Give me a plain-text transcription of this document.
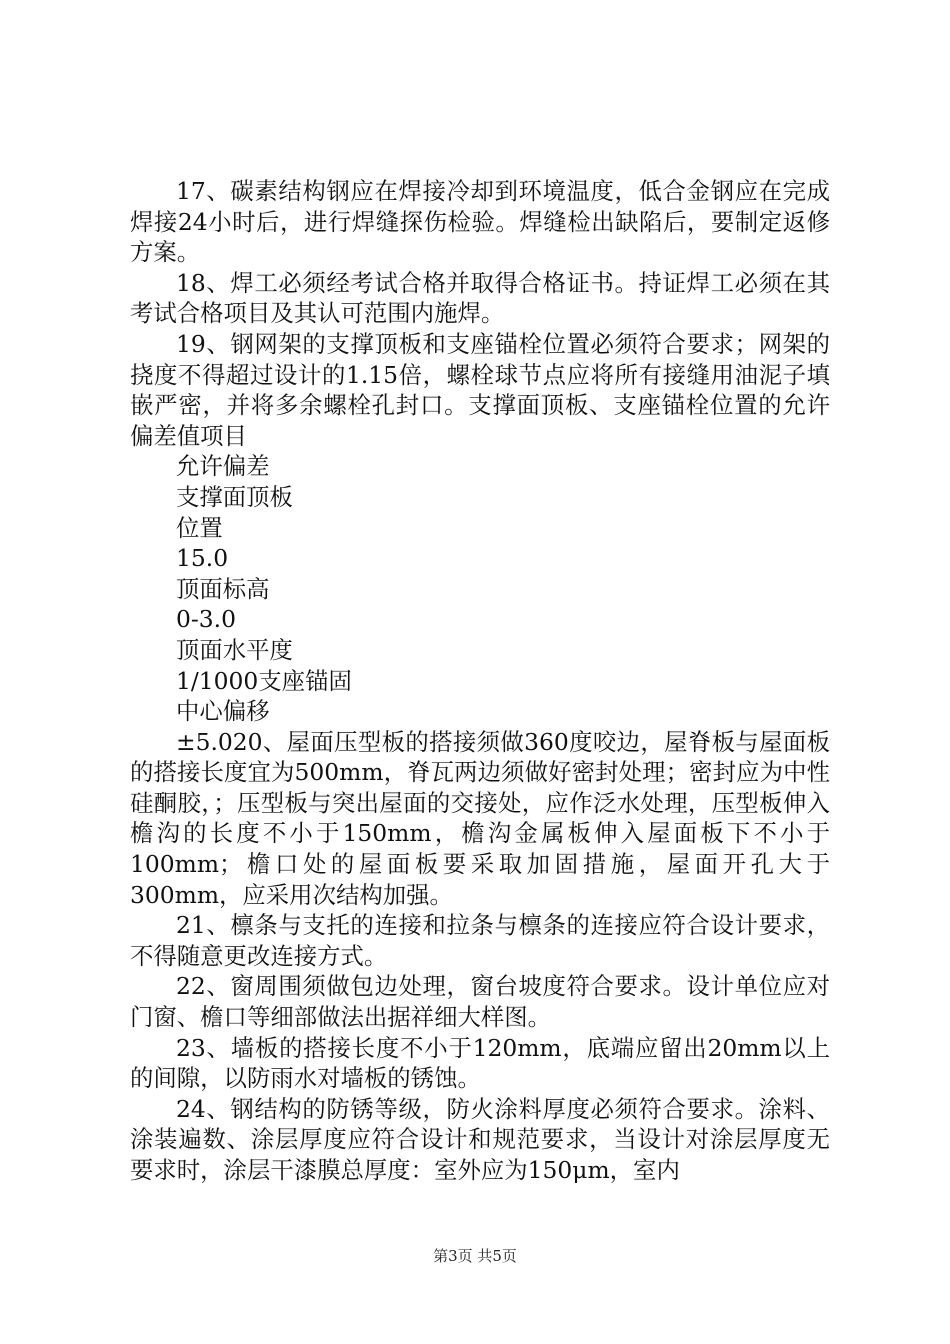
17、碳素结构钢应在焊接冷却到环境温度，低合金钢应在完成焊接24小时后，进行焊缝探伤检验。焊缝检出缺陷后，要制定返修方案。

18、焊工必须经考试合格并取得合格证书。持证焊工必须在其考试合格项目及其认可范围内施焊。

19、钢网架的支撑顶板和支座锚栓位置必须符合要求；网架的挠度不得超过设计的1.15倍，螺栓球节点应将所有接缝用油泥子填嵌严密，并将多余螺栓孔封口。支撑面顶板、支座锚栓位置的允许偏差值项目

允许偏差

支撑面顶板

位置

15.0

顶面标高

0-3.0

顶面水平度

1/1000支座锚固

中心偏移

±5.020、屋面压型板的搭接须做360度咬边，屋脊板与屋面板的搭接长度宜为500mm，脊瓦两边须做好密封处理；密封应为中性硅酮胶，；压型板与突出屋面的交接处，应作泛水处理，压型板伸入檐沟的长度不小于150mm，檐沟金属板伸入屋面板下不小于100mm；檐口处的屋面板要采取加固措施，屋面开孔大于300mm，应采用次结构加强。

21、檩条与支托的连接和拉条与檩条的连接应符合设计要求，不得随意更改连接方式。

22、窗周围须做包边处理，窗台坡度符合要求。设计单位应对门窗、檐口等细部做法出据祥细大样图。

23、墙板的搭接长度不小于120mm，底端应留出20mm以上的间隙，以防雨水对墙板的锈蚀。

24、钢结构的防锈等级，防火涂料厚度必须符合要求。涂料、涂装遍数、涂层厚度应符合设计和规范要求，当设计对涂层厚度无要求时，涂层干漆膜总厚度：室外应为150μm，室内

第3页 共5页
